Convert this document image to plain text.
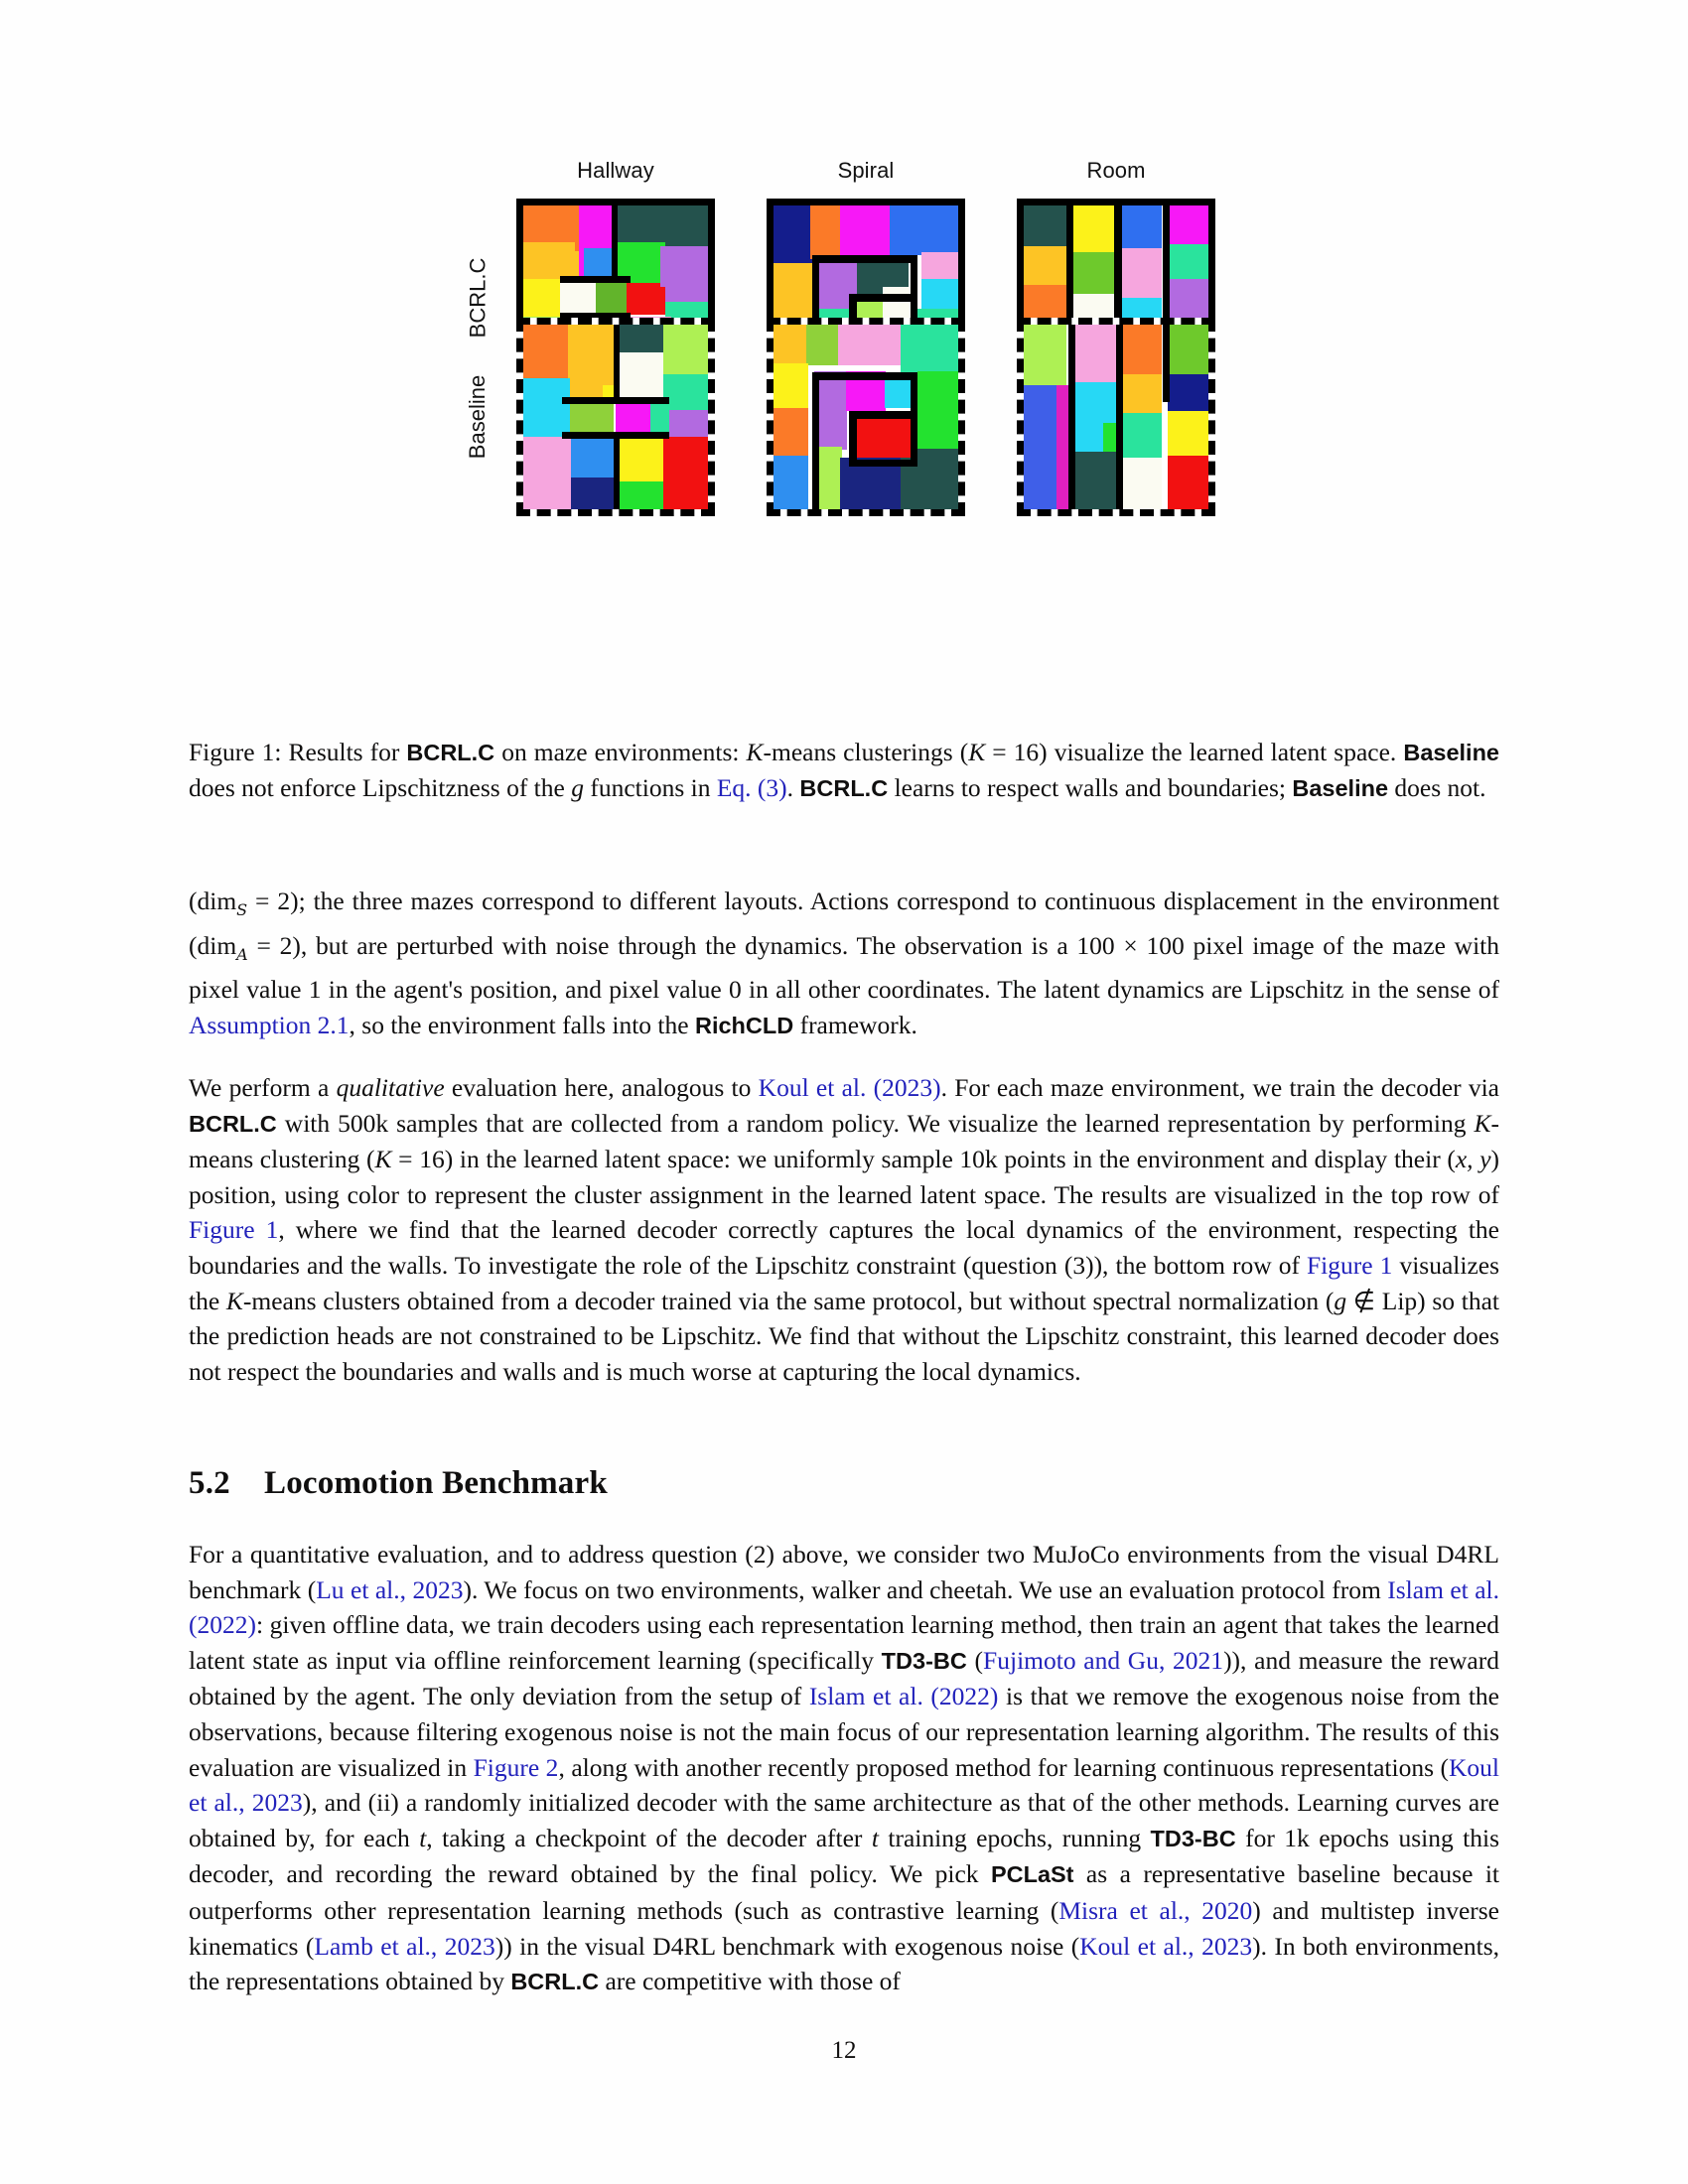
Hallway	Spiral	Room
BCRL.C
Baseline
Figure 1: Results for BCRL.C on maze environments: K-means clusterings (K = 16) visualize the learned latent space. Baseline does not enforce Lipschitzness of the g functions in Eq. (3). BCRL.C learns to respect walls and boundaries; Baseline does not.

(dim$_S$ = 2); the three mazes correspond to different layouts. Actions correspond to continuous displacement in the environment (dim$_A$ = 2), but are perturbed with noise through the dynamics. The observation is a 100 × 100 pixel image of the maze with pixel value 1 in the agent's position, and pixel value 0 in all other coordinates. The latent dynamics are Lipschitz in the sense of Assumption 2.1, so the environment falls into the RichCLD framework.

We perform a qualitative evaluation here, analogous to Koul et al. (2023). For each maze environment, we train the decoder via BCRL.C with 500k samples that are collected from a random policy. We visualize the learned representation by performing K-means clustering (K = 16) in the learned latent space: we uniformly sample 10k points in the environment and display their (x, y) position, using color to represent the cluster assignment in the learned latent space. The results are visualized in the top row of Figure 1, where we find that the learned decoder correctly captures the local dynamics of the environment, respecting the boundaries and the walls. To investigate the role of the Lipschitz constraint (question (3)), the bottom row of Figure 1 visualizes the K-means clusters obtained from a decoder trained via the same protocol, but without spectral normalization (g ∉ Lip) so that the prediction heads are not constrained to be Lipschitz. We find that without the Lipschitz constraint, this learned decoder does not respect the boundaries and walls and is much worse at capturing the local dynamics.

5.2 Locomotion Benchmark

For a quantitative evaluation, and to address question (2) above, we consider two MuJoCo environments from the visual D4RL benchmark (Lu et al., 2023). We focus on two environments, walker and cheetah. We use an evaluation protocol from Islam et al. (2022): given offline data, we train decoders using each representation learning method, then train an agent that takes the learned latent state as input via offline reinforcement learning (specifically TD3-BC (Fujimoto and Gu, 2021)), and measure the reward obtained by the agent. The only deviation from the setup of Islam et al. (2022) is that we remove the exogenous noise from the observations, because filtering exogenous noise is not the main focus of our representation learning algorithm. The results of this evaluation are visualized in Figure 2, along with another recently proposed method for learning continuous representations (Koul et al., 2023), and (ii) a randomly initialized decoder with the same architecture as that of the other methods. Learning curves are obtained by, for each t, taking a checkpoint of the decoder after t training epochs, running TD3-BC for 1k epochs using this decoder, and recording the reward obtained by the final policy. We pick PCLaSt as a representative baseline because it outperforms other representation learning methods (such as contrastive learning (Misra et al., 2020) and multistep inverse kinematics (Lamb et al., 2023)) in the visual D4RL benchmark with exogenous noise (Koul et al., 2023). In both environments, the representations obtained by BCRL.C are competitive with those of

12
